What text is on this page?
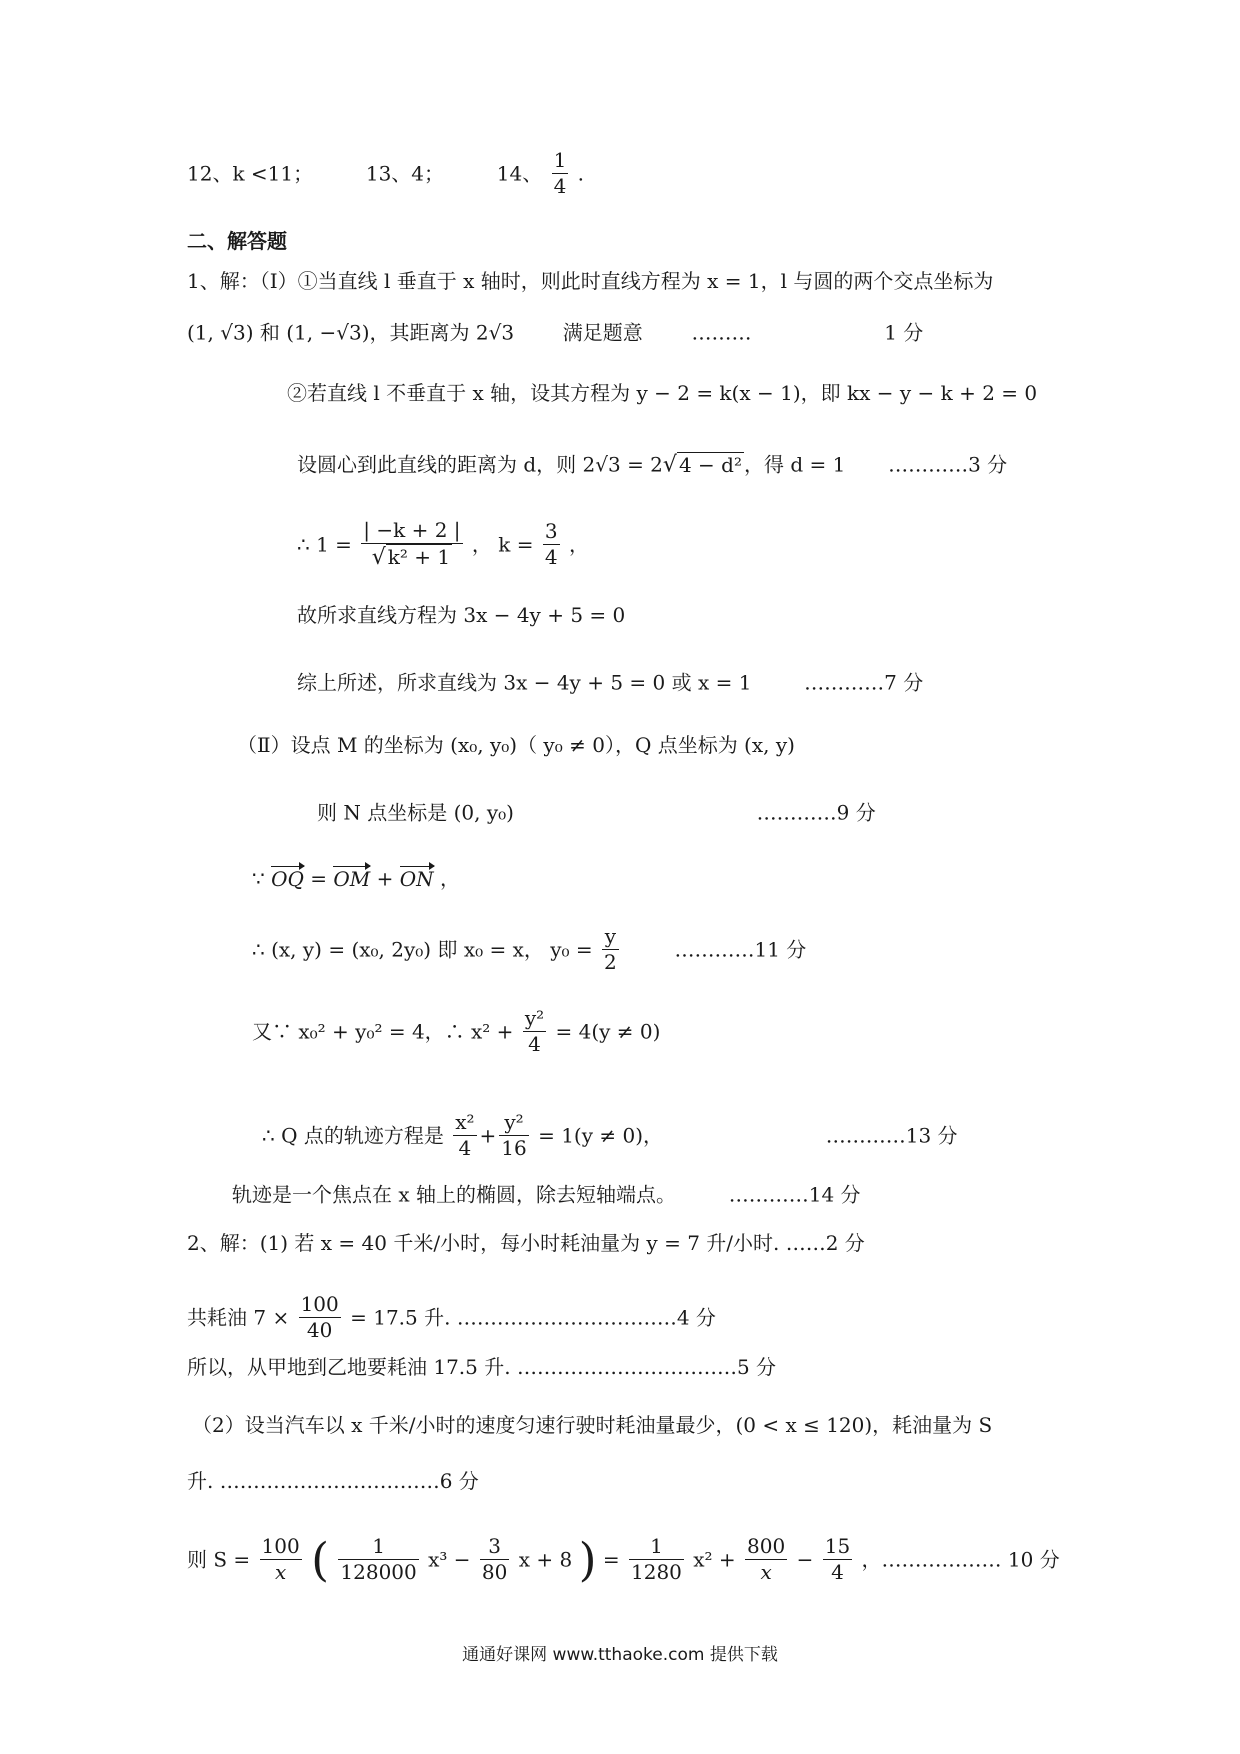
12、k <11；	13、4；	14、 $\frac{1}{4}$ .
二、解答题
1、解：（Ⅰ）①当直线 l 垂直于 x 轴时，则此时直线方程为 x = 1，l 与圆的两个交点坐标为
(1, √3) 和 (1, −√3)，其距离为 2√3 满足题意 ………	1 分
②若直线 l 不垂直于 x 轴，设其方程为 y − 2 = k(x − 1)，即 kx − y − k + 2 = 0
设圆心到此直线的距离为 d，则 2√3 = 2√ 4 − d² ，得 d = 1 …………3 分
∴ $1 = \frac{| -k + 2 |}{\text{√ k² + 1}}$ ， $k = \frac{3}{4}$ ，
故所求直线方程为 3x − 4y + 5 = 0
综上所述，所求直线为 3x − 4y + 5 = 0 或 x = 1	…………7 分
（Ⅱ）设点 M 的坐标为 (x₀, y₀)（ y₀ ≠ 0），Q 点坐标为 (x, y)
则 N 点坐标是 (0, y₀)	…………9 分
∵ OQ = OM + ON ，
∴ (x, y) = (x₀, 2y₀) 即 x₀ = x， $y_0 = \frac{y}{2}$	…………11 分
又∵ x₀² + y₀² = 4，∴ $x^2 + \frac{\text{y²}}{4} = 4(y \ne 0)$
∴ Q 点的轨迹方程是 $\frac{\text{x²}}{4} + \frac{\text{y²}}{16} = 1(y \ne 0)$，	…………13 分
轨迹是一个焦点在 x 轴上的椭圆，除去短轴端点。	…………14 分
2、解：(1) 若 x = 40 千米/小时，每小时耗油量为 y = 7 升/小时. ……2 分
共耗油 $7 \times \frac{100}{40} = 17.5$ 升. ……………………………4 分
所以，从甲地到乙地要耗油 17.5 升. ……………………………5 分
（2）设当汽车以 x 千米/小时的速度匀速行驶时耗油量最少，(0 < x ≤ 120)，耗油量为 S
升. ……………………………6 分
则 $S = \frac{100}{x}$ ( $\frac{1}{128000} x^3 - \frac{3}{80}$ x + 8 ) = $\frac{1}{1280} x^2 + \frac{800}{x} - \frac{15}{4}$ ，……………… 10 分
通通好课网 www.tthaoke.com 提供下载
